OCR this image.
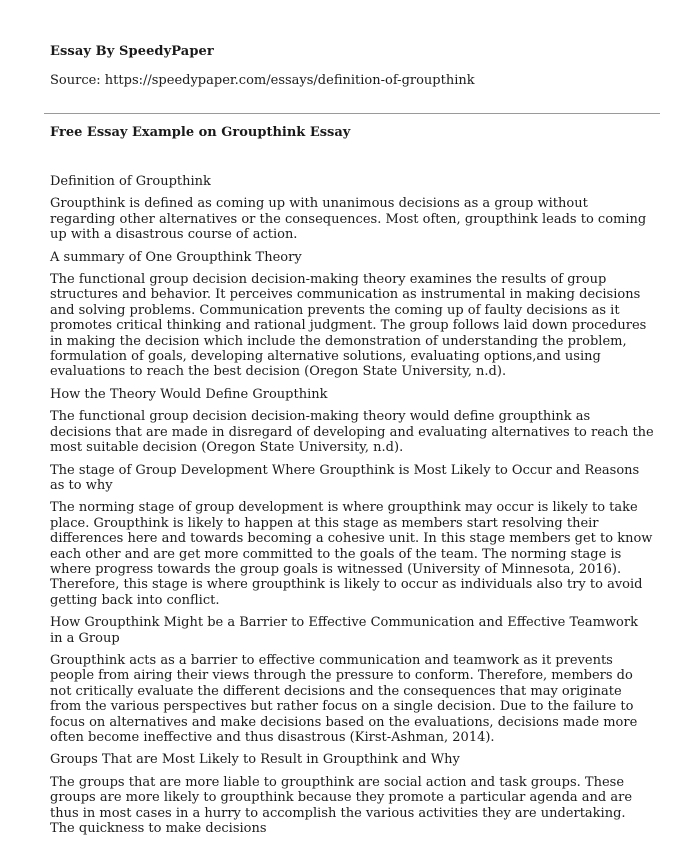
Essay By SpeedyPaper
Source: https://speedypaper.com/essays/definition-of-groupthink
Free Essay Example on Groupthink Essay

Definition of Groupthink

Groupthink is defined as coming up with unanimous decisions as a group without regarding other alternatives or the consequences. Most often, groupthink leads to coming up with a disastrous course of action.

A summary of One Groupthink Theory

The functional group decision decision-making theory examines the results of group structures and behavior. It perceives communication as instrumental in making decisions and solving problems. Communication prevents the coming up of faulty decisions as it promotes critical thinking and rational judgment. The group follows laid down procedures in making the decision which include the demonstration of understanding the problem, formulation of goals, developing alternative solutions, evaluating options,and using evaluations to reach the best decision (Oregon State University, n.d).

How the Theory Would Define Groupthink

The functional group decision decision-making theory would define groupthink as decisions that are made in disregard of developing and evaluating alternatives to reach the most suitable decision (Oregon State University, n.d).

The stage of Group Development Where Groupthink is Most Likely to Occur and Reasons as to why

The norming stage of group development is where groupthink may occur is likely to take place. Groupthink is likely to happen at this stage as members start resolving their differences here and towards becoming a cohesive unit. In this stage members get to know each other and are get more committed to the goals of the team. The norming stage is where progress towards the group goals is witnessed (University of Minnesota, 2016). Therefore, this stage is where groupthink is likely to occur as individuals also try to avoid getting back into conflict.

How Groupthink Might be a Barrier to Effective Communication and Effective Teamwork in a Group

Groupthink acts as a barrier to effective communication and teamwork as it prevents people from airing their views through the pressure to conform. Therefore, members do not critically evaluate the different decisions and the consequences that may originate from the various perspectives but rather focus on a single decision. Due to the failure to focus on alternatives and make decisions based on the evaluations, decisions made more often become ineffective and thus disastrous (Kirst-Ashman, 2014).

Groups That are Most Likely to Result in Groupthink and Why

The groups that are more liable to groupthink are social action and task groups. These groups are more likely to groupthink because they promote a particular agenda and are thus in most cases in a hurry to accomplish the various activities they are undertaking. The quickness to make decisions
